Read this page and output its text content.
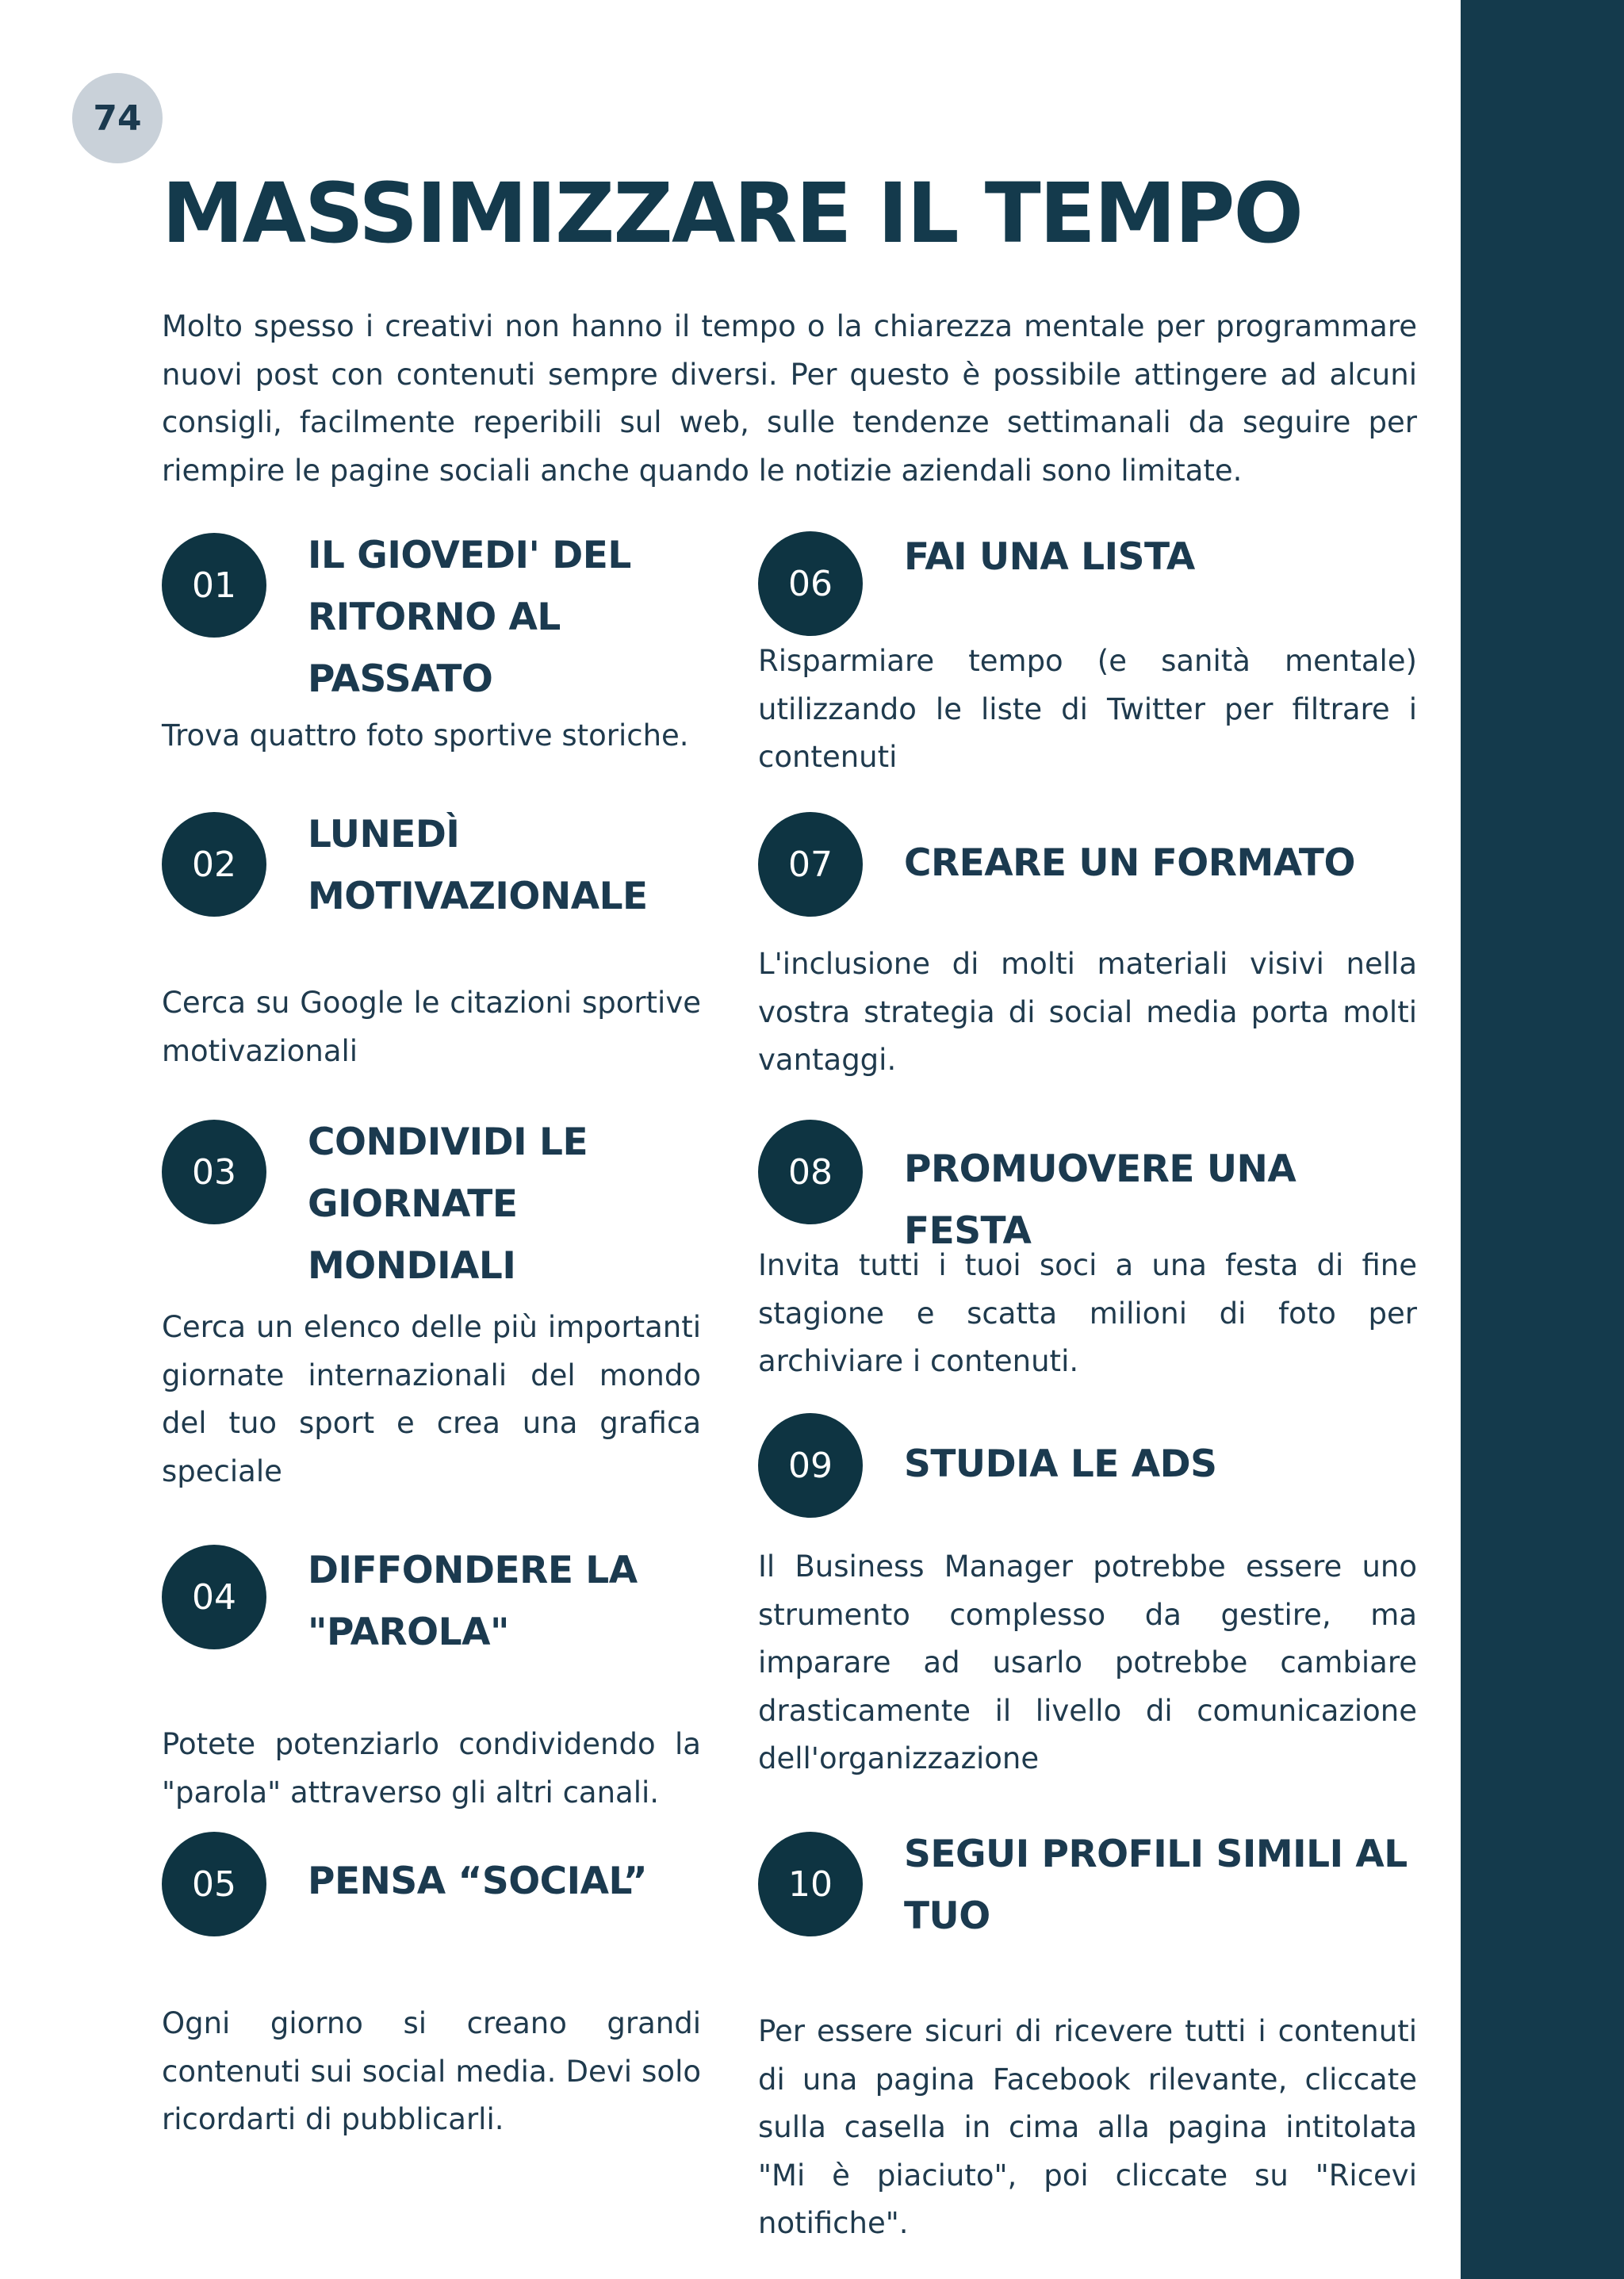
74
MASSIMIZZARE IL TEMPO

Molto spesso i creativi non hanno il tempo o la chiarezza mentale per programmare nuovi post con contenuti sempre diversi. Per questo è possibile attingere ad alcuni consigli, facilmente reperibili sul web, sulle tendenze settimanali da seguire per riempire le pagine sociali anche quando le notizie aziendali sono limitate.

01
IL GIOVEDI' DEL RITORNO AL PASSATO

Trova quattro foto sportive storiche.

02
LUNEDÌ MOTIVAZIONALE

Cerca su Google le citazioni sportive motivazionali

03
CONDIVIDI LE GIORNATE MONDIALI

Cerca un elenco delle più importanti giornate internazionali del mondo del tuo sport e crea una grafica speciale

04
DIFFONDERE LA "PAROLA"

Potete potenziarlo condividendo la "parola" attraverso gli altri canali.

05	PENSA “SOCIAL”

Ogni giorno si creano grandi contenuti sui social media. Devi solo ricordarti di pubblicarli.

06
FAI UNA LISTA

Risparmiare tempo (e sanità mentale) utilizzando le liste di Twitter per filtrare i contenuti

07	CREARE UN FORMATO

L'inclusione di molti materiali visivi nella vostra strategia di social media porta molti vantaggi.

08	PROMUOVERE UNA FESTA

Invita tutti i tuoi soci a una festa di fine stagione e scatta milioni di foto per archiviare i contenuti.

09	STUDIA LE ADS

Il Business Manager potrebbe essere uno strumento complesso da gestire, ma imparare ad usarlo potrebbe cambiare drasticamente il livello di comunicazione dell'organizzazione

10
SEGUI PROFILI SIMILI AL TUO

Per essere sicuri di ricevere tutti i contenuti di una pagina Facebook rilevante, cliccate sulla casella in cima alla pagina intitolata "Mi è piaciuto", poi cliccate su "Ricevi notifiche".
